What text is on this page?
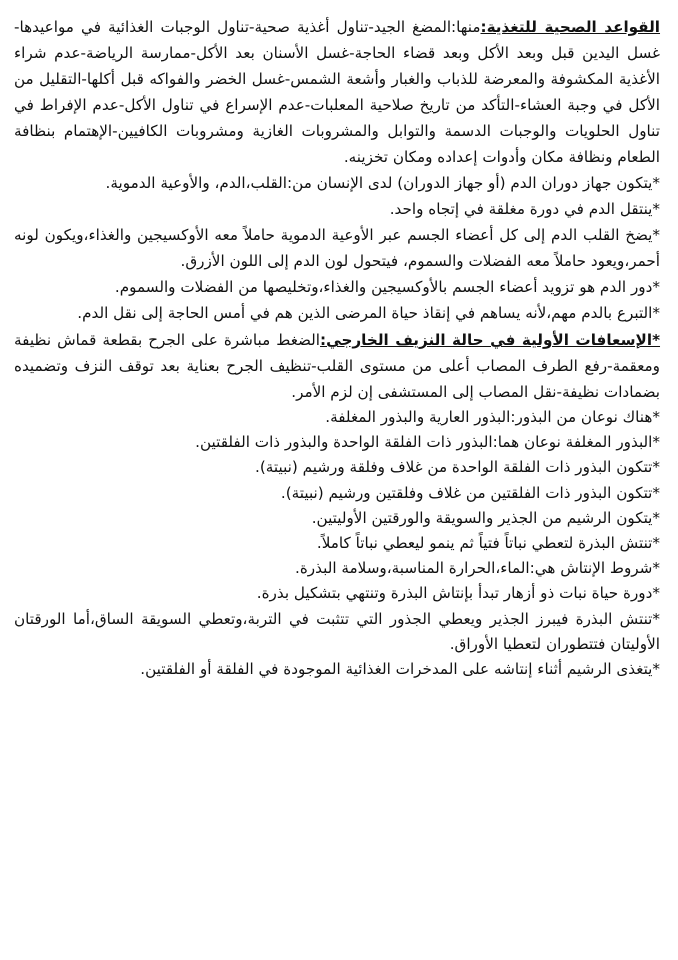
القواعد الصحية للتغذية:منها:المضغ الجيد-تناول أغذية صحية-تناول الوجبات الغذائية في مواعيدها-غسل اليدين قبل وبعد الأكل وبعد قضاء الحاجة-غسل الأسنان بعد الأكل-ممارسة الرياضة-عدم شراء الأغذية المكشوفة والمعرضة للذباب والغبار وأشعة الشمس-غسل الخضر والفواكه قبل أكلها-التقليل من الأكل في وجبة العشاء-التأكد من تاريخ صلاحية المعلبات-عدم الإسراع في تناول الأكل-عدم الإفراط في تناول الحلويات والوجبات الدسمة والتوابل والمشروبات الغازية ومشروبات الكافيين-الإهتمام بنظافة الطعام ونظافة مكان وأدوات إعداده ومكان تخزينه.

*يتكون جهاز دوران الدم (أو جهاز الدوران) لدى الإنسان من:القلب،الدم، والأوعية الدموية.

*ينتقل الدم في دورة مغلقة في إتجاه واحد.

*يضخ القلب الدم إلى كل أعضاء الجسم عبر الأوعية الدموية حاملاً معه الأوكسيجين والغذاء،ويكون لونه أحمر،ويعود حاملاً معه الفضلات والسموم، فيتحول لون الدم إلى اللون الأزرق.

*دور الدم هو تزويد أعضاء الجسم بالأوكسيجين والغذاء،وتخليصها من الفضلات والسموم.

*التبرع بالدم مهم،لأنه يساهم في إنقاذ حياة المرضى الذين هم في أمس الحاجة إلى نقل الدم.

*الإسعافات الأولية في حالة النزيف الخارجي:الضغط مباشرة على الجرح بقطعة قماش نظيفة ومعقمة-رفع الطرف المصاب أعلى من مستوى القلب-تنظيف الجرح بعناية بعد توقف النزف وتضميده بضمادات نظيفة-نقل المصاب إلى المستشفى إن لزم الأمر.

*هناك نوعان من البذور:البذور العارية والبذور المغلفة.

*البذور المغلفة نوعان هما:البذور ذات الفلقة الواحدة والبذور ذات الفلقتين.

*تتكون البذور ذات الفلقة الواحدة من غلاف وفلقة ورشيم (نبيتة).

*تتكون البذور ذات الفلقتين من غلاف وفلقتين ورشيم (نبيتة).

*يتكون الرشيم من الجذير والسويقة والورقتين الأوليتين.

*تنتش البذرة لتعطي نباتاً فتياً ثم ينمو ليعطي نباتاً كاملاً.

*شروط الإنتاش هي:الماء،الحرارة المناسبة،وسلامة البذرة.

*دورة حياة نبات ذو أزهار تبدأ بإنتاش البذرة وتنتهي بتشكيل بذرة.

*تنتش البذرة فيبرز الجذير ويعطي الجذور التي تتثبت في التربة،وتعطي السويقة الساق،أما الورقتان الأوليتان فتتطوران لتعطيا الأوراق.

*يتغذى الرشيم أثناء إنتاشه على المدخرات الغذائية الموجودة في الفلقة أو الفلقتين.
